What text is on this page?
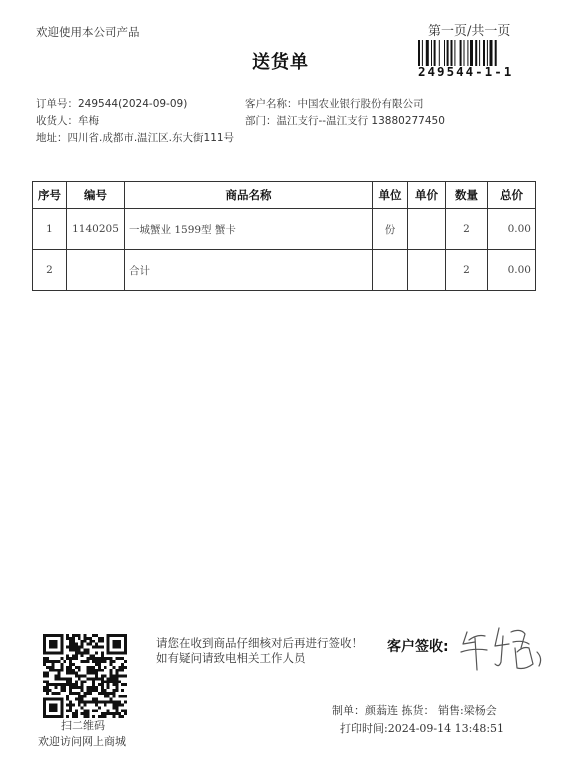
欢迎使用本公司产品	第一页/共一页
送货单	249544-1-1
订单号：249544(2024-09-09)
收货人：牟梅
地址：四川省.成都市.温江区.东大街111号
客户名称：中国农业银行股份有限公司
部门：温江支行--温江支行 13880277450
序号	编号	商品名称	单位	单价	数量	总价
1	1140205	一城蟹业 1599型 蟹卡	份		2	0.00
2		合计			2	0.00
扫二维码
欢迎访问网上商城
请您在收到商品仔细核对后再进行签收！如有疑问请致电相关工作人员
客户签收:
制单：颜蓊连 拣货： 销售:梁杨会
打印时间:2024-09-14 13:48:51
